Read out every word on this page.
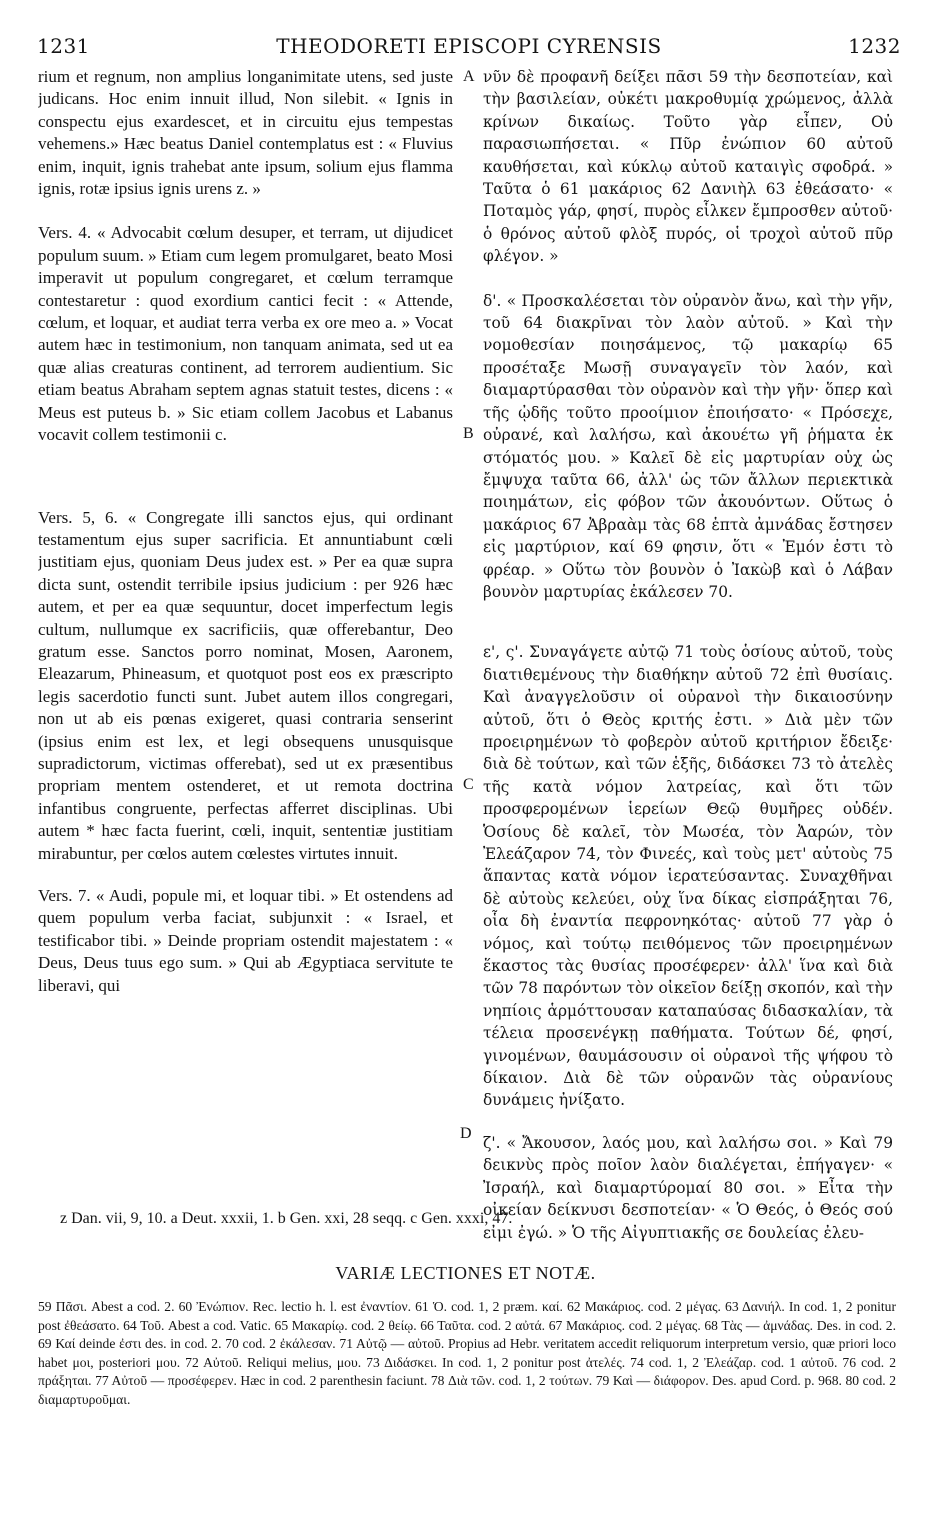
1231	THEODORETI EPISCOPI CYRENSIS	1232

rium et regnum, non amplius longanimitate utens, sed juste judicans. Hoc enim innuit illud, Non silebit. « Ignis in conspectu ejus exardescet, et in circuitu ejus tempestas vehemens.» Hæc beatus Daniel contemplatus est : « Fluvius enim, inquit, ignis trahebat ante ipsum, solium ejus flamma ignis, rotæ ipsius ignis urens z. »

Vers. 4. « Advocabit cœlum desuper, et terram, ut dijudicet populum suum. » Etiam cum legem promulgaret, beato Mosi imperavit ut populum congregaret, et cœlum terramque contestaretur : quod exordium cantici fecit : « Attende, cœlum, et loquar, et audiat terra verba ex ore meo a. » Vocat autem hæc in testimonium, non tanquam animata, sed ut ea quæ alias creaturas continent, ad terrorem audientium. Sic etiam beatus Abraham septem agnas statuit testes, dicens : « Meus est puteus b. » Sic etiam collem Jacobus et Labanus vocavit collem testimonii c.

Vers. 5, 6. « Congregate illi sanctos ejus, qui ordinant testamentum ejus super sacrificia. Et annuntiabunt cœli justitiam ejus, quoniam Deus judex est. » Per ea quæ supra dicta sunt, ostendit terribile ipsius judicium : per 926 hæc autem, et per ea quæ sequuntur, docet imperfectum legis cultum, nullumque ex sacrificiis, quæ offerebantur, Deo gratum esse. Sanctos porro nominat, Mosen, Aaronem, Eleazarum, Phineasum, et quotquot post eos ex præscripto legis sacerdotio functi sunt. Jubet autem illos congregari, non ut ab eis pœnas exigeret, quasi contraria senserint (ipsius enim est lex, et legi obsequens unusquisque supradictorum, victimas offerebat), sed ut ex præsentibus propriam mentem ostenderet, et ut remota doctrina infantibus congruente, perfectas afferret disciplinas. Ubi autem * hæc facta fuerint, cœli, inquit, sententiæ justitiam mirabuntur, per cœlos autem cœlestes virtutes innuit.

Vers. 7. « Audi, popule mi, et loquar tibi. » Et ostendens ad quem populum verba faciat, subjunxit : « Israel, et testificabor tibi. » Deinde propriam ostendit majestatem : « Deus, Deus tuus ego sum. » Qui ab Ægyptiaca servitute te liberavi, qui

A
B
C
D

νῦν δὲ προφανῆ δείξει πᾶσι 59 τὴν δεσποτείαν, καὶ τὴν βασιλείαν, οὐκέτι μακροθυμίᾳ χρώμενος, ἀλλὰ κρίνων δικαίως. Τοῦτο γὰρ εἶπεν, Οὐ παρασιωπήσεται. « Πῦρ ἐνώπιον 60 αὐτοῦ καυθήσεται, καὶ κύκλῳ αὐτοῦ καταιγὶς σφοδρά. » Ταῦτα ὁ 61 μακάριος 62 Δανιὴλ 63 ἐθεάσατο· « Ποταμὸς γάρ, φησί, πυρὸς εἷλκεν ἔμπροσθεν αὐτοῦ· ὁ θρόνος αὐτοῦ φλὸξ πυρός, οἱ τροχοὶ αὐτοῦ πῦρ φλέγον. »

δ'. « Προσκαλέσεται τὸν οὐρανὸν ἄνω, καὶ τὴν γῆν, τοῦ 64 διακρῖναι τὸν λαὸν αὐτοῦ. » Καὶ τὴν νομοθεσίαν ποιησάμενος, τῷ μακαρίῳ 65 προσέταξε Μωσῇ συναγαγεῖν τὸν λαόν, καὶ διαμαρτύρασθαι τὸν οὐρανὸν καὶ τὴν γῆν· ὅπερ καὶ τῆς ᾠδῆς τοῦτο προοίμιον ἐποιήσατο· « Πρόσεχε, οὐρανέ, καὶ λαλήσω, καὶ ἀκουέτω γῆ ῥήματα ἐκ στόματός μου. » Καλεῖ δὲ εἰς μαρτυρίαν οὐχ ὡς ἔμψυχα ταῦτα 66, ἀλλ' ὡς τῶν ἄλλων περιεκτικὰ ποιημάτων, εἰς φόβον τῶν ἀκουόντων. Οὕτως ὁ μακάριος 67 Ἀβραὰμ τὰς 68 ἑπτὰ ἀμνάδας ἔστησεν εἰς μαρτύριον, καί 69 φησιν, ὅτι « Ἐμόν ἐστι τὸ φρέαρ. » Οὕτω τὸν βουνὸν ὁ Ἰακὼβ καὶ ὁ Λάβαν βουνὸν μαρτυρίας ἐκάλεσεν 70.

ε', ς'. Συναγάγετε αὐτῷ 71 τοὺς ὁσίους αὐτοῦ, τοὺς διατιθεμένους τὴν διαθήκην αὐτοῦ 72 ἐπὶ θυσίαις. Καὶ ἀναγγελοῦσιν οἱ οὐρανοὶ τὴν δικαιοσύνην αὐτοῦ, ὅτι ὁ Θεὸς κριτής ἐστι. » Διὰ μὲν τῶν προειρημένων τὸ φοβερὸν αὐτοῦ κριτήριον ἔδειξε· διὰ δὲ τούτων, καὶ τῶν ἑξῆς, διδάσκει 73 τὸ ἀτελὲς τῆς κατὰ νόμον λατρείας, καὶ ὅτι τῶν προσφερομένων ἱερείων Θεῷ θυμῆρες οὐδέν. Ὁσίους δὲ καλεῖ, τὸν Μωσέα, τὸν Ἀαρών, τὸν Ἐλεάζαρον 74, τὸν Φινεές, καὶ τοὺς μετ' αὐτοὺς 75 ἅπαντας κατὰ νόμον ἱερατεύσαντας. Συναχθῆναι δὲ αὐτοὺς κελεύει, οὐχ ἵνα δίκας εἰσπράξηται 76, οἷα δὴ ἐναντία πεφρονηκότας· αὐτοῦ 77 γὰρ ὁ νόμος, καὶ τούτῳ πειθόμενος τῶν προειρημένων ἕκαστος τὰς θυσίας προσέφερεν· ἀλλ' ἵνα καὶ διὰ τῶν 78 παρόντων τὸν οἰκεῖον δείξῃ σκοπόν, καὶ τὴν νηπίοις ἁρμόττουσαν καταπαύσας διδασκαλίαν, τὰ τέλεια προσενέγκῃ παθήματα. Τούτων δέ, φησί, γινομένων, θαυμάσουσιν οἱ οὐρανοὶ τῆς ψήφου τὸ δίκαιον. Διὰ δὲ τῶν οὐρανῶν τὰς οὐρανίους δυνάμεις ἠνίξατο.

ζ'. « Ἄκουσον, λαός μου, καὶ λαλήσω σοι. » Καὶ 79 δεικνὺς πρὸς ποῖον λαὸν διαλέγεται, ἐπήγαγεν· « Ἰσραήλ, καὶ διαμαρτύρομαί 80 σοι. » Εἶτα τὴν οἰκείαν δείκνυσι δεσποτείαν· « Ὁ Θεός, ὁ Θεός σού εἰμι ἐγώ. » Ὁ τῆς Αἰγυπτιακῆς σε δουλείας ἐλευ-

z Dan. vii, 9, 10. a Deut. xxxii, 1. b Gen. xxi, 28 seqq. c Gen. xxxi, 47.
VARIÆ LECTIONES ET NOTÆ.

59 Πᾶσι. Abest a cod. 2. 60 Ἐνώπιον. Rec. lectio h. l. est ἐναντίον. 61 Ὁ. cod. 1, 2 præm. καί. 62 Μακάριος. cod. 2 μέγας. 63 Δανιήλ. In cod. 1, 2 ponitur post ἐθεάσατο. 64 Τοῦ. Abest a cod. Vatic. 65 Μακαρίῳ. cod. 2 θείῳ. 66 Ταῦτα. cod. 2 αὐτά. 67 Μακάριος. cod. 2 μέγας. 68 Τὰς — ἀμνάδας. Des. in cod. 2. 69 Καί deinde ἐστι des. in cod. 2. 70 cod. 2 ἐκάλεσαν. 71 Αὐτῷ — αὐτοῦ. Propius ad Hebr. veritatem accedit reliquorum interpretum versio, quæ priori loco habet μοι, posteriori μου. 72 Αὐτοῦ. Reliqui melius, μου. 73 Διδάσκει. In cod. 1, 2 ponitur post ἀτελές. 74 cod. 1, 2 Ἐλεάζαρ. cod. 1 αὐτοῦ. 76 cod. 2 πράξηται. 77 Αὐτοῦ — προσέφερεν. Hæc in cod. 2 parenthesin faciunt. 78 Διὰ τῶν. cod. 1, 2 τούτων. 79 Καὶ — διάφορον. Des. apud Cord. p. 968. 80 cod. 2 διαμαρτυροῦμαι.
